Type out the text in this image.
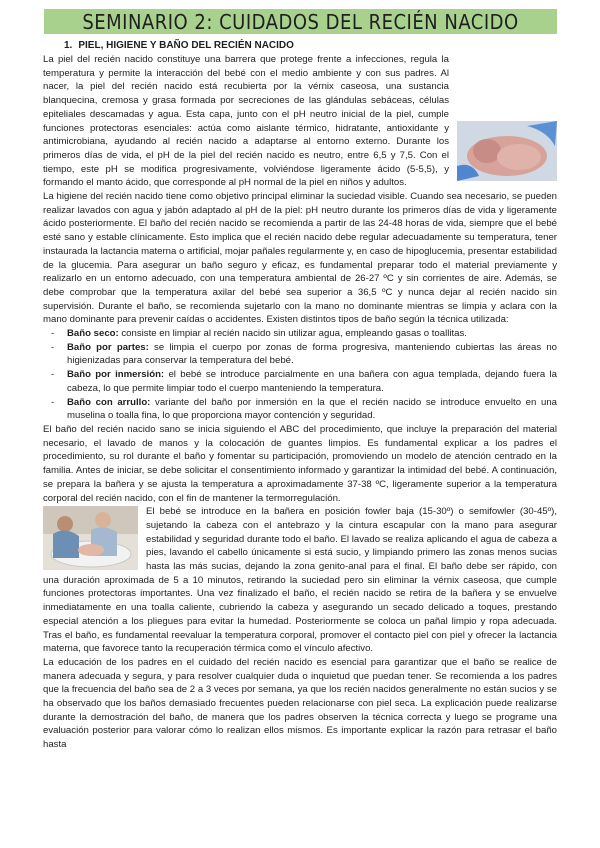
SEMINARIO 2: CUIDADOS DEL RECIÉN NACIDO
1. PIEL, HIGIENE Y BAÑO DEL RECIÉN NACIDO

La piel del recién nacido constituye una barrera que protege frente a infecciones, regula la temperatura y permite la interacción del bebé con el medio ambiente y con sus padres. Al nacer, la piel del recién nacido está recubierta por la vérnix caseosa, una sustancia blanquecina, cremosa y grasa formada por secreciones de las glándulas sebáceas, células epiteliales descamadas y agua. Esta capa, junto con el pH neutro inicial de la piel, cumple funciones protectoras esenciales: actúa como aislante térmico, hidratante, antioxidante y antimicrobiana, ayudando al recién nacido a adaptarse al entorno externo. Durante los primeros días de vida, el pH de la piel del recién nacido es neutro, entre 6,5 y 7,5. Con el tiempo, este pH se modifica progresivamente, volviéndose ligeramente ácido (5-5,5), y formando el manto ácido, que corresponde al pH normal de la piel en niños y adultos.

La higiene del recién nacido tiene como objetivo principal eliminar la suciedad visible. Cuando sea necesario, se pueden realizar lavados con agua y jabón adaptado al pH de la piel: pH neutro durante los primeros días de vida y ligeramente ácido posteriormente. El baño del recién nacido se recomienda a partir de las 24-48 horas de vida, siempre que el bebé esté sano y estable clínicamente. Esto implica que el recién nacido debe regular adecuadamente su temperatura, tener instaurada la lactancia materna o artificial, mojar pañales regularmente y, en caso de hipoglucemia, presentar estabilidad de la glucemia. Para asegurar un baño seguro y eficaz, es fundamental preparar todo el material previamente y realizarlo en un entorno adecuado, con una temperatura ambiental de 26-27 ºC y sin corrientes de aire. Además, se debe comprobar que la temperatura axilar del bebé sea superior a 36,5 ºC y nunca dejar al recién nacido sin supervisión. Durante el baño, se recomienda sujetarlo con la mano no dominante mientras se limpia y aclara con la mano dominante para prevenir caídas o accidentes. Existen distintos tipos de baño según la técnica utilizada:

- Baño seco: consiste en limpiar al recién nacido sin utilizar agua, empleando gasas o toallitas.
- Baño por partes: se limpia el cuerpo por zonas de forma progresiva, manteniendo cubiertas las áreas no higienizadas para conservar la temperatura del bebé.
- Baño por inmersión: el bebé se introduce parcialmente en una bañera con agua templada, dejando fuera la cabeza, lo que permite limpiar todo el cuerpo manteniendo la temperatura.
- Baño con arrullo: variante del baño por inmersión en la que el recién nacido se introduce envuelto en una muselina o toalla fina, lo que proporciona mayor contención y seguridad.

El baño del recién nacido sano se inicia siguiendo el ABC del procedimiento, que incluye la preparación del material necesario, el lavado de manos y la colocación de guantes limpios. Es fundamental explicar a los padres el procedimiento, su rol durante el baño y fomentar su participación, promoviendo un modelo de atención centrado en la familia. Antes de iniciar, se debe solicitar el consentimiento informado y garantizar la intimidad del bebé. A continuación, se prepara la bañera y se ajusta la temperatura a aproximadamente 37-38 ºC, ligeramente superior a la temperatura corporal del recién nacido, con el fin de mantener la termorregulación.

El bebé se introduce en la bañera en posición fowler baja (15-30º) o semifowler (30-45º), sujetando la cabeza con el antebrazo y la cintura escapular con la mano para asegurar estabilidad y seguridad durante todo el baño. El lavado se realiza aplicando el agua de cabeza a pies, lavando el cabello únicamente si está sucio, y limpiando primero las zonas menos sucias hasta las más sucias, dejando la zona genito-anal para el final. El baño debe ser rápido, con una duración aproximada de 5 a 10 minutos, retirando la suciedad pero sin eliminar la vérnix caseosa, que cumple funciones protectoras importantes. Una vez finalizado el baño, el recién nacido se retira de la bañera y se envuelve inmediatamente en una toalla caliente, cubriendo la cabeza y asegurando un secado delicado a toques, prestando especial atención a los pliegues para evitar la humedad. Posteriormente se coloca un pañal limpio y ropa adecuada. Tras el baño, es fundamental reevaluar la temperatura corporal, promover el contacto piel con piel y ofrecer la lactancia materna, que favorece tanto la recuperación térmica como el vínculo afectivo.

La educación de los padres en el cuidado del recién nacido es esencial para garantizar que el baño se realice de manera adecuada y segura, y para resolver cualquier duda o inquietud que puedan tener. Se recomienda a los padres que la frecuencia del baño sea de 2 a 3 veces por semana, ya que los recién nacidos generalmente no están sucios y se ha observado que los baños demasiado frecuentes pueden relacionarse con piel seca. La explicación puede realizarse durante la demostración del baño, de manera que los padres observen la técnica correcta y luego se programe una evaluación posterior para valorar cómo lo realizan ellos mismos. Es importante explicar la razón para retrasar el baño hasta
